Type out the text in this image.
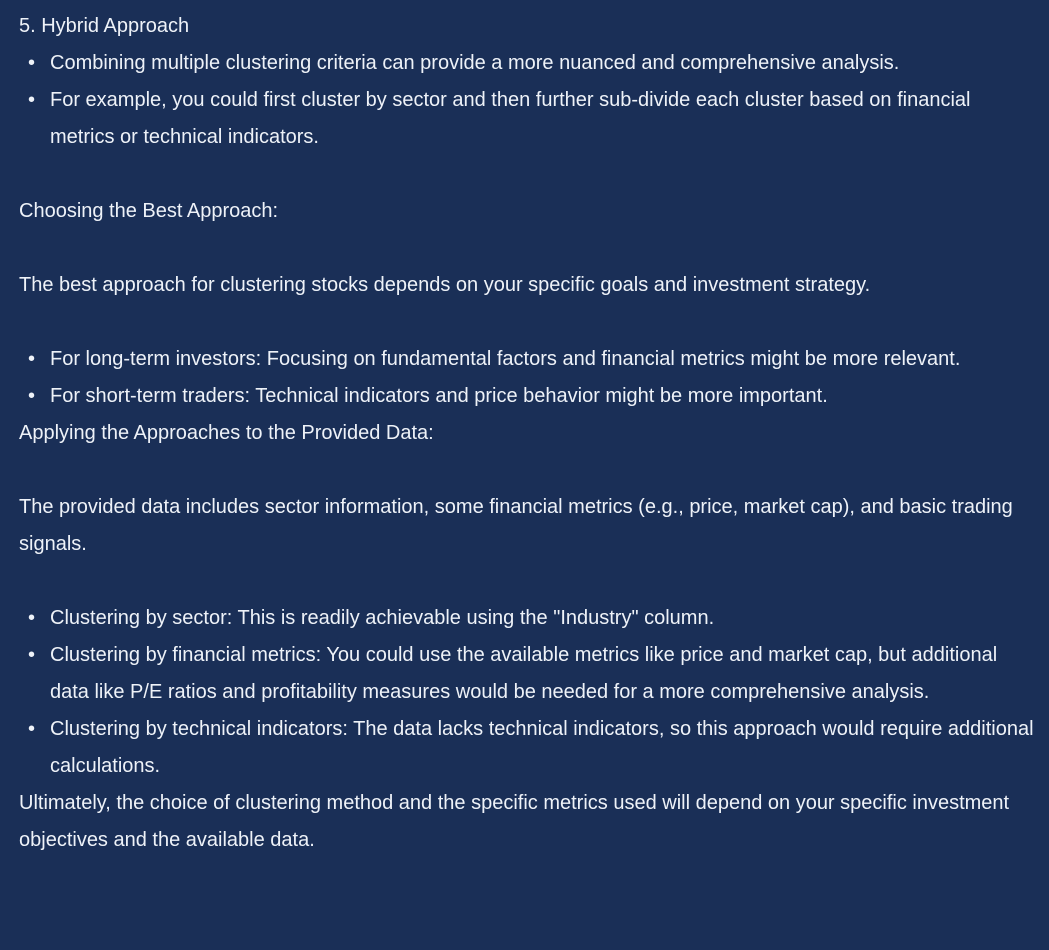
5. Hybrid Approach

• Combining multiple clustering criteria can provide a more nuanced and comprehensive analysis.
• For example, you could first cluster by sector and then further sub-divide each cluster based on financial metrics or technical indicators.

Choosing the Best Approach:

The best approach for clustering stocks depends on your specific goals and investment strategy.

• For long-term investors: Focusing on fundamental factors and financial metrics might be more relevant.
• For short-term traders: Technical indicators and price behavior might be more important.

Applying the Approaches to the Provided Data:

The provided data includes sector information, some financial metrics (e.g., price, market cap), and basic trading signals.

• Clustering by sector: This is readily achievable using the "Industry" column.
• Clustering by financial metrics: You could use the available metrics like price and market cap, but additional data like P/E ratios and profitability measures would be needed for a more comprehensive analysis.
• Clustering by technical indicators: The data lacks technical indicators, so this approach would require additional calculations.

Ultimately, the choice of clustering method and the specific metrics used will depend on your specific investment objectives and the available data.
